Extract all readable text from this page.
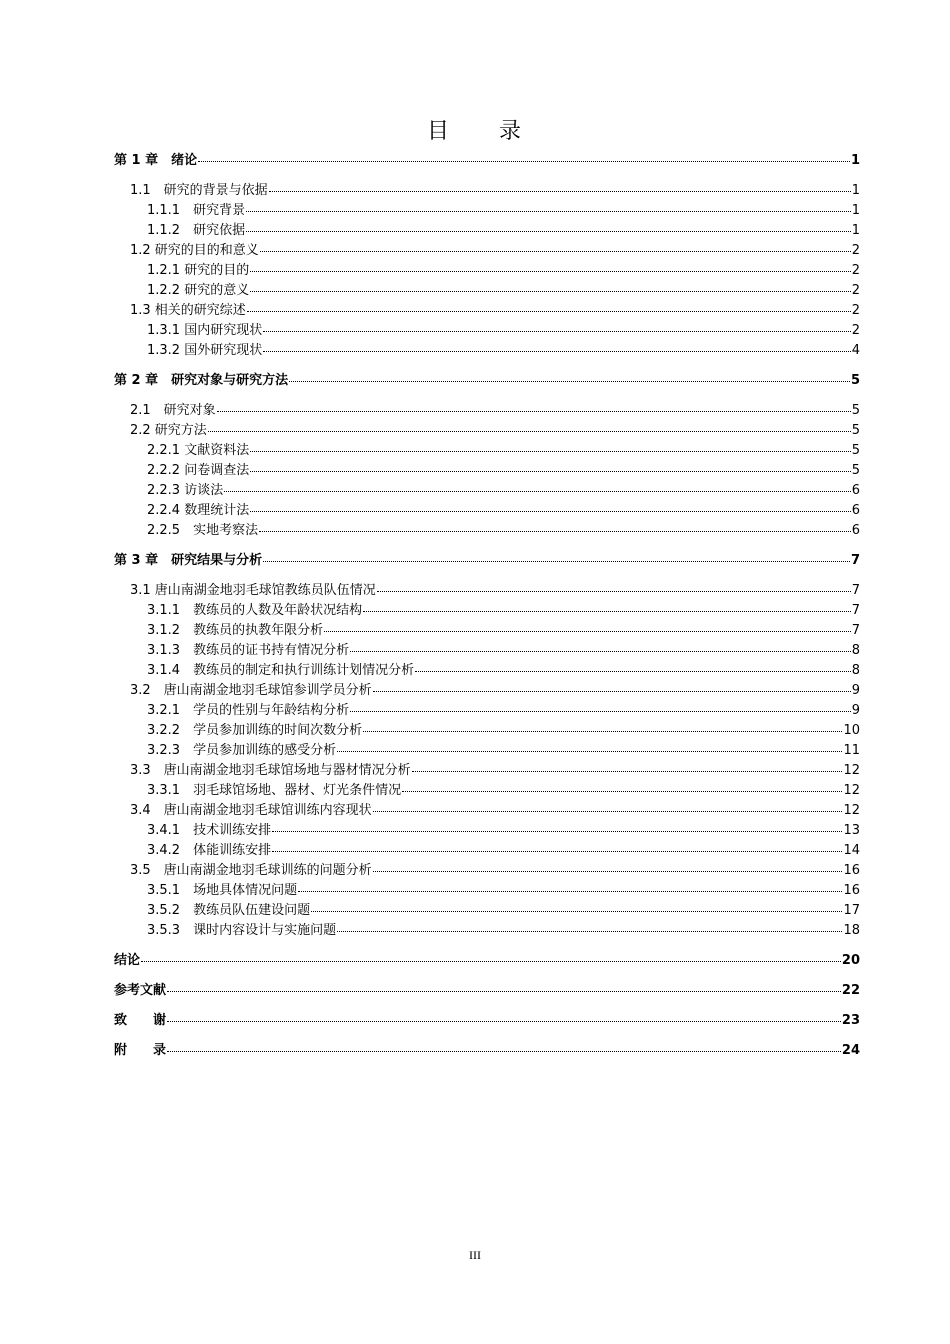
目　　录
第 1 章　绪论	1
1.1　研究的背景与依据	1
1.1.1　研究背景	1
1.1.2　研究依据	1
1.2 研究的目的和意义	2
1.2.1 研究的目的	2
1.2.2 研究的意义	2
1.3 相关的研究综述	2
1.3.1 国内研究现状	2
1.3.2 国外研究现状	4
第 2 章　研究对象与研究方法	5
2.1　研究对象	5
2.2 研究方法	5
2.2.1 文献资料法	5
2.2.2 问卷调查法	5
2.2.3 访谈法	6
2.2.4 数理统计法	6
2.2.5　实地考察法	6
第 3 章　研究结果与分析	7
3.1 唐山南湖金地羽毛球馆教练员队伍情况	7
3.1.1　教练员的人数及年龄状况结构	7
3.1.2　教练员的执教年限分析	7
3.1.3　教练员的证书持有情况分析	8
3.1.4　教练员的制定和执行训练计划情况分析	8
3.2　唐山南湖金地羽毛球馆参训学员分析	9
3.2.1　学员的性别与年龄结构分析	9
3.2.2　学员参加训练的时间次数分析	10
3.2.3　学员参加训练的感受分析	11
3.3　唐山南湖金地羽毛球馆场地与器材情况分析	12
3.3.1　羽毛球馆场地、器材、灯光条件情况	12
3.4　唐山南湖金地羽毛球馆训练内容现状	12
3.4.1　技术训练安排	13
3.4.2　体能训练安排	14
3.5　唐山南湖金地羽毛球训练的问题分析	16
3.5.1　场地具体情况问题	16
3.5.2　教练员队伍建设问题	17
3.5.3　课时内容设计与实施问题	18
结论	20
参考文献	22
致　　谢	23
附　　录	24
III
